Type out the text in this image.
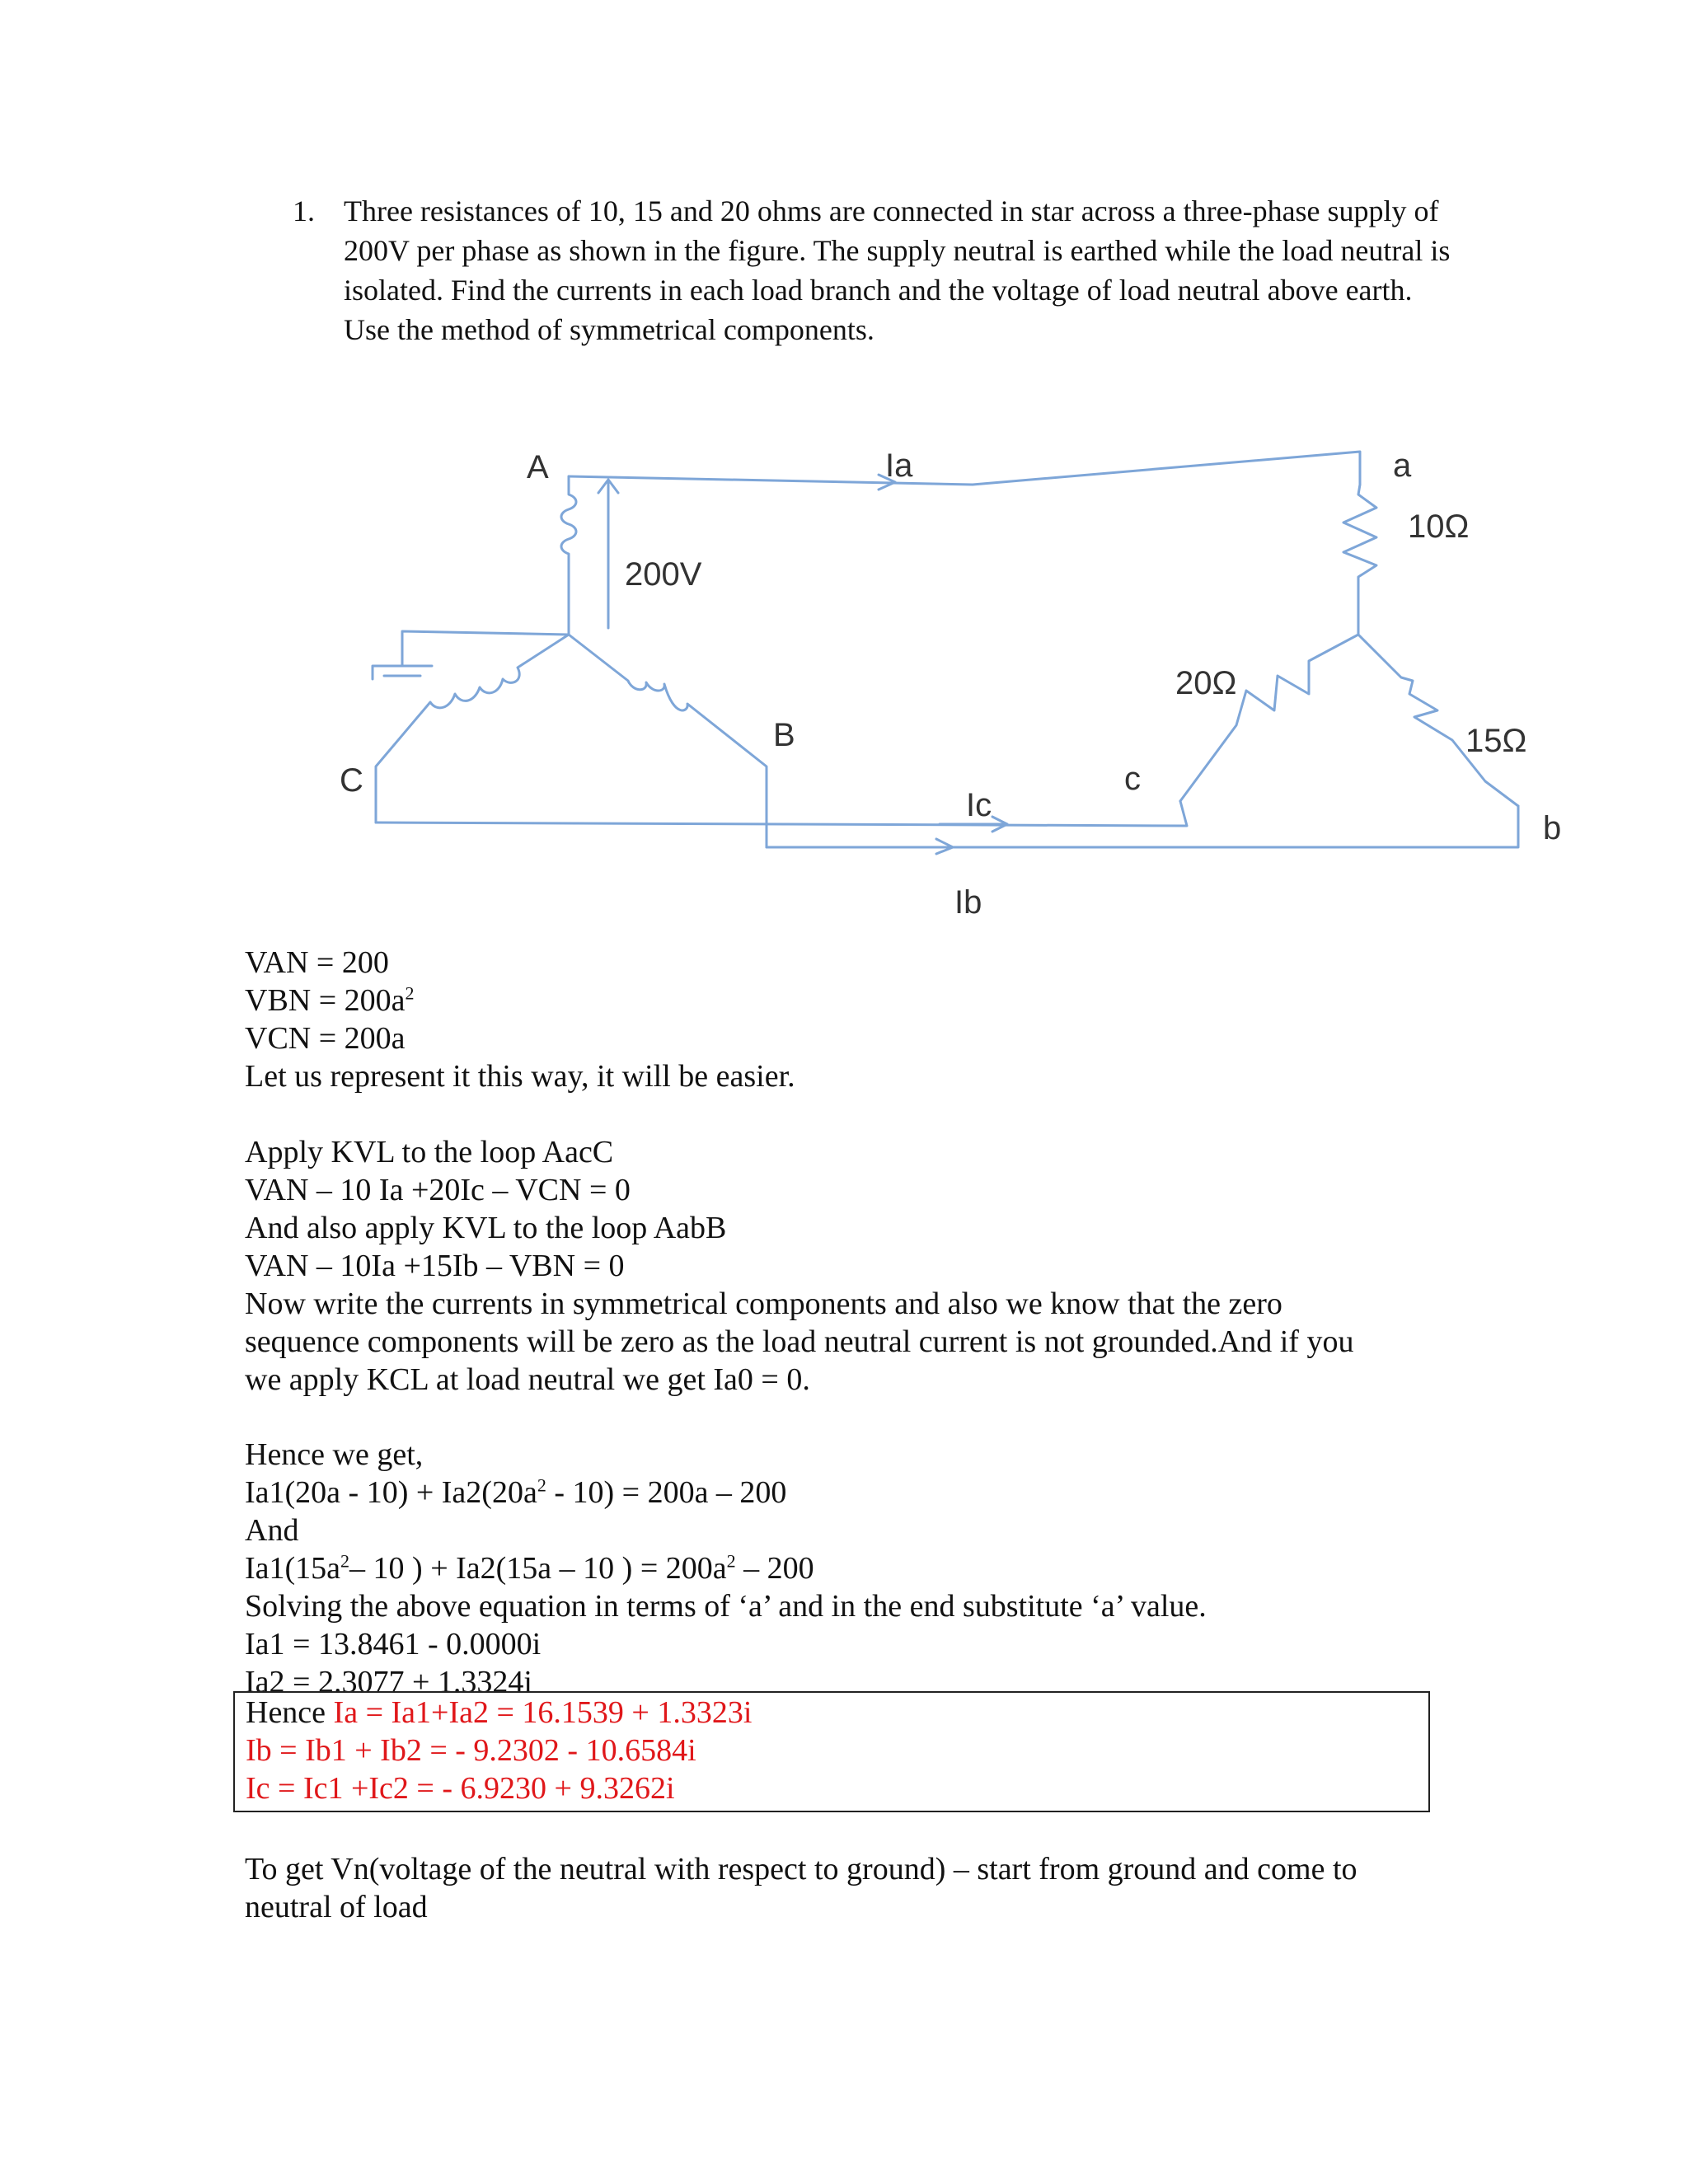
1. Three resistances of 10, 15 and 20 ohms are connected in star across a three-phase supply of 200V per phase as shown in the figure. The supply neutral is earthed while the load neutral is isolated. Find the currents in each load branch and the voltage of load neutral above earth. Use the method of symmetrical components.
A
B
C
a
b
c
200V
Ia
Ic
Ib
10Ω
15Ω
20Ω
VAN = 200
VBN = $200a^2$
VCN = 200a
Let us represent it this way, it will be easier.
Apply KVL to the loop AacC
VAN – 10 Ia +20Ic – VCN = 0
And also apply KVL to the loop AabB
VAN – 10Ia +15Ib – VBN = 0
Now write the currents in symmetrical components and also we know that the zero
sequence components will be zero as the load neutral current is not grounded.And if you
we apply KCL at load neutral we get Ia0 = 0.
Hence we get,
$Ia1(20a - 10) + Ia2(20a^2 - 10) = 200a - 200$
And
$Ia1(15a^2-$ 10 ) + Ia2(15a – 10 ) = $200a^2 - 200$
Solving the above equation in terms of ‘a’ and in the end substitute ‘a’ value.
Ia1 = 13.8461 - 0.0000i
Ia2 = 2.3077 + 1.3324i
Hence Ia = Ia1+Ia2 = 16.1539 + 1.3323i
Ib = Ib1 + Ib2 = - 9.2302 - 10.6584i
Ic = Ic1 +Ic2 = - 6.9230 + 9.3262i
To get Vn(voltage of the neutral with respect to ground) – start from ground and come to
neutral of load
